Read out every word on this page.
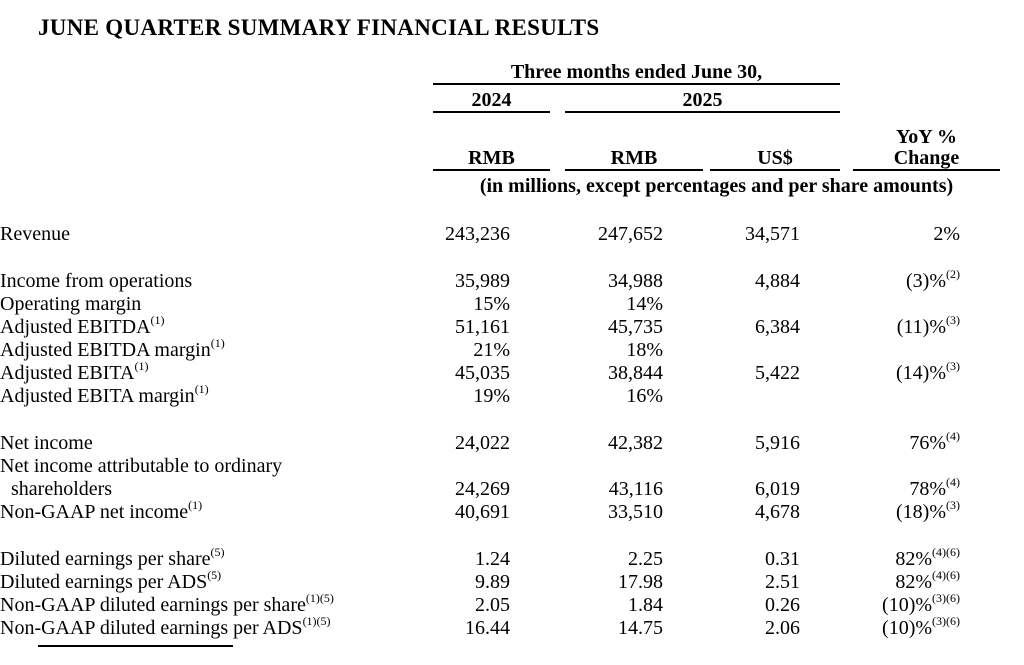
JUNE QUARTER SUMMARY FINANCIAL RESULTS
Three months ended June 30,
2024	2025
RMB	RMB	US$
YoY %
Change
(in millions, except percentages and per share amounts)
Revenue	243,236	247,652	34,571	2%
Income from operations	35,989	34,988	4,884	(3)%$^{(2)}$
Operating margin	15%	14%
Adjusted EBITDA$^{(1)}$	51,161	45,735	6,384	(11)%$^{(3)}$
Adjusted EBITDA margin$^{(1)}$	21%	18%
Adjusted EBITA$^{(1)}$	45,035	38,844	5,422	(14)%$^{(3)}$
Adjusted EBITA margin$^{(1)}$	19%	16%
Net income	24,022	42,382	5,916	76%$^{(4)}$
Net income attributable to ordinary
shareholders	24,269	43,116	6,019	78%$^{(4)}$
Non-GAAP net income$^{(1)}$	40,691	33,510	4,678	(18)%$^{(3)}$
Diluted earnings per share$^{(5)}$	1.24	2.25	0.31	82%$^{(4)(6)}$
Diluted earnings per ADS$^{(5)}$	9.89	17.98	2.51	82%$^{(4)(6)}$
Non-GAAP diluted earnings per share$^{(1)(5)}$	2.05	1.84	0.26	(10)%$^{(3)(6)}$
Non-GAAP diluted earnings per $ADS^{(1)(5)}$	16.44	14.75	2.06	(10)%$^{(3)(6)}$
